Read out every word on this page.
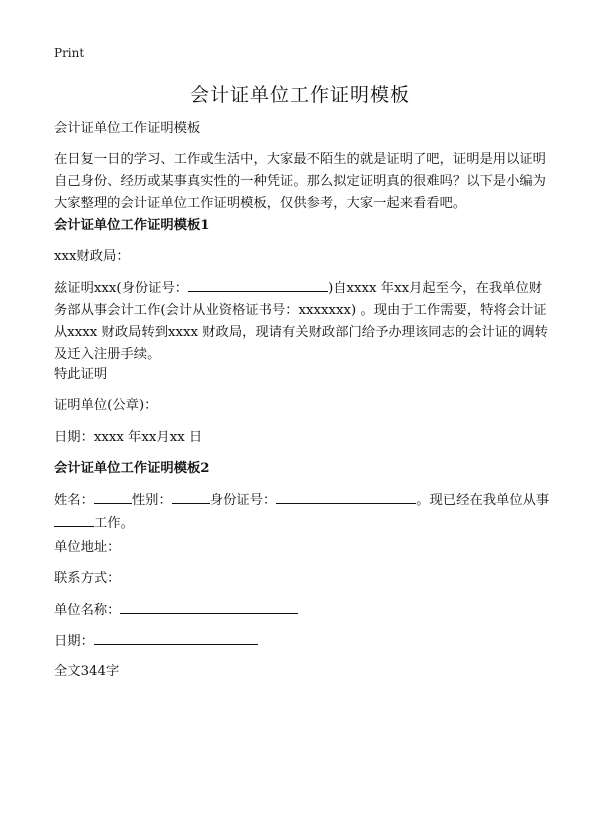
Print
会计证单位工作证明模板

会计证单位工作证明模板

在日复一日的学习、工作或生活中，大家最不陌生的就是证明了吧，证明是用以证明自己身份、经历或某事真实性的一种凭证。那么拟定证明真的很难吗？以下是小编为大家整理的会计证单位工作证明模板，仅供参考，大家一起来看看吧。

会计证单位工作证明模板1

xxx财政局：

兹证明xxx(身份证号：	)自xxxx 年xx月起至今，在我单位财务部从事会计工作(会计从业资格证书号：xxxxxxx) 。现由于工作需要，特将会计证从xxxx 财政局转到xxxx 财政局，现请有关财政部门给予办理该同志的会计证的调转及迁入注册手续。

特此证明

证明单位(公章)：

日期：xxxx 年xx月xx 日

会计证单位工作证明模板2

姓名：	性别：	身份证号：	。现已经在我单位从事 工作。

单位地址：

联系方式：

单位名称：

日期：

全文344字
